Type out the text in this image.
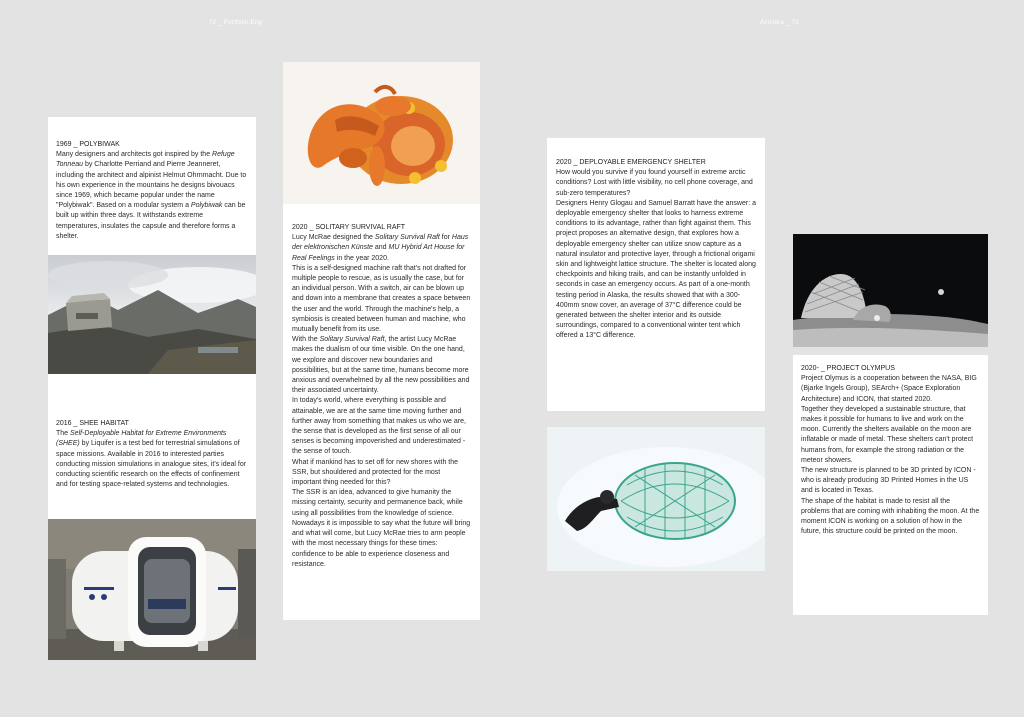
72 _ Portfolio.Eng	Asistera _ 73
1969 _ POLYBIWAK

Many designers and architects got inspired by the Refuge Tonneau by Charlotte Perriand and Pierre Jeanneret, including the architect and alpinist Helmut Ohrnmacht. Due to his own experience in the mountains he designs bivouacs since 1969, which became popular under the name "Polybiwak". Based on a modular system a Polybiwak can be built up within three days. It withstands extreme temperatures, insulates the capsule and therefore forms a shelter.

2016 _ SHEE HABITAT

The Self-Deployable Habitat for Extreme Environments (SHEE) by Liquifer is a test bed for terrestrial simulations of space missions. Available in 2016 to interested parties conducting mission simulations in analogue sites, it's ideal for conducting scientific research on the effects of confinement and for testing space-related systems and technologies.

2020 _ SOLITARY SURVIVAL RAFT

Lucy McRae designed the Solitary Survival Raft for Haus der elektronischen Künste and MU Hybrid Art House for Real Feelings in the year 2020.

This is a self-designed machine raft that's not drafted for multiple people to rescue, as is usually the case, but for an individual person. With a switch, air can be blown up and down into a membrane that creates a space between the user and the world. Through the machine's help, a symbiosis is created between human and machine, who mutually benefit from its use.

With the Solitary Survival Raft, the artist Lucy McRae makes the dualism of our time visible. On the one hand, we explore and discover new boundaries and possibilities, but at the same time, humans become more anxious and overwhelmed by all the new possibilities and their associated uncertainty.

In today's world, where everything is possible and attainable, we are at the same time moving further and further away from something that makes us who we are, the sense that is developed as the first sense of all our senses is becoming impoverished and underestimated - the sense of touch.

What if mankind has to set off for new shores with the SSR, but shouldered and protected for the most important thing needed for this?

The SSR is an idea, advanced to give humanity the missing certainty, security and permanence back, while using all possibilities from the knowledge of science. Nowadays it is impossible to say what the future will bring and what will come, but Lucy McRae tries to arm people with the most necessary things for these times: confidence to be able to experience closeness and resistance.

2020 _ DEPLOYABLE EMERGENCY SHELTER

How would you survive if you found yourself in extreme arctic conditions? Lost with little visibility, no cell phone coverage, and sub-zero temperatures?

Designers Henry Glogau and Samuel Barratt have the answer: a deployable emergency shelter that looks to harness extreme conditions to its advantage, rather than fight against them. This project proposes an alternative design, that explores how a deployable emergency shelter can utilize snow capture as a natural insulator and protective layer, through a frictional origami skin and lightweight lattice structure. The shelter is located along checkpoints and hiking trails, and can be instantly unfolded in seconds in case an emergency occurs. As part of a one-month testing period in Alaska, the results showed that with a 300-400mm snow cover, an average of 37°C difference could be generated between the shelter interior and its outside surroundings, compared to a conventional winter tent which offered a 13°C difference.

2020- _ PROJECT OLYMPUS

Project Olymus is a cooperation between the NASA, BIG (Bjarke Ingels Group), SEArch+ (Space Exploration Architecture) and ICON, that started 2020.

Together they developed a sustainable structure, that makes it possible for humans to live and work on the moon. Currently the shelters available on the moon are inflatable or made of metal. These shelters can't protect humans from, for example the strong radiation or the meteor showers.

The new structure is planned to be 3D printed by ICON - who is already producing 3D Printed Homes in the US and is located in Texas.

The shape of the habitat is made to resist all the problems that are coming with inhabiting the moon. At the moment ICON is working on a solution of how in the future, this structure could be printed on the moon.
